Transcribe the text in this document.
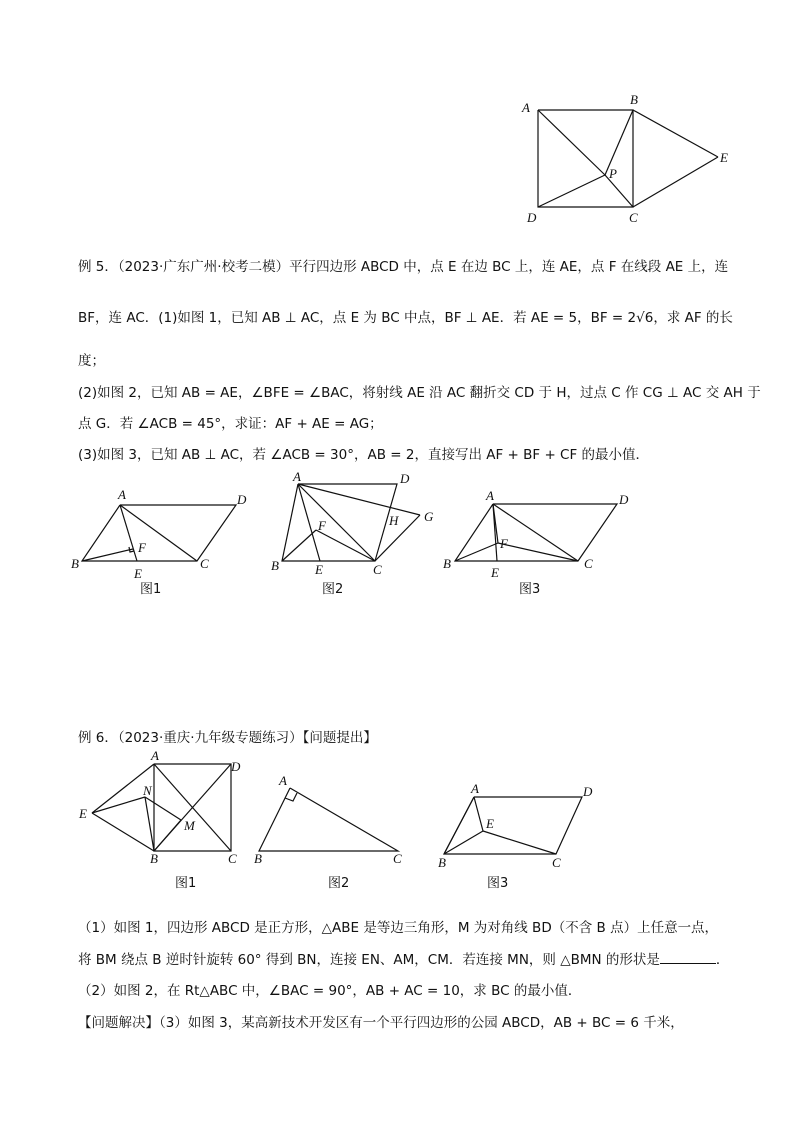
A
B
C
D
E
P
例 5．（2023·广东广州·校考二模）平行四边形 ABCD 中，点 E 在边 BC 上，连 AE，点 F 在线段 AE 上，连
BF，连 AC．(1)如图 1，已知 AB ⊥ AC，点 E 为 BC 中点，BF ⊥ AE．若 AE = 5，BF = 2√6，求 AF 的长
度；
(2)如图 2，已知 AB = AE，∠BFE = ∠BAC，将射线 AE 沿 AC 翻折交 CD 于 H，过点 C 作 CG ⊥ AC 交 AH 于
点 G．若 ∠ACB = 45°，求证：AF + AE = AG；
(3)如图 3，已知 AB ⊥ AC，若 ∠ACB = 30°，AB = 2，直接写出 AF + BF + CF 的最小值．
A	D
B	C
E
F
图1
A	D
H G
F
B	E	C
图2
A	D
F
B
E
C
图3
例 6．（2023·重庆·九年级专题练习）【问题提出】
A
D
E
N
M
B	C
图1
A
B	C
图2
A	D
E
B	C
图3
（1）如图 1，四边形 ABCD 是正方形，△ABE 是等边三角形，M 为对角线 BD（不含 B 点）上任意一点，
将 BM 绕点 B 逆时针旋转 60° 得到 BN，连接 EN、AM，CM．若连接 MN，则 △BMN 的形状是	．
（2）如图 2，在 Rt△ABC 中，∠BAC = 90°，AB + AC = 10，求 BC 的最小值．
【问题解决】（3）如图 3，某高新技术开发区有一个平行四边形的公园 ABCD，AB + BC = 6 千米，
